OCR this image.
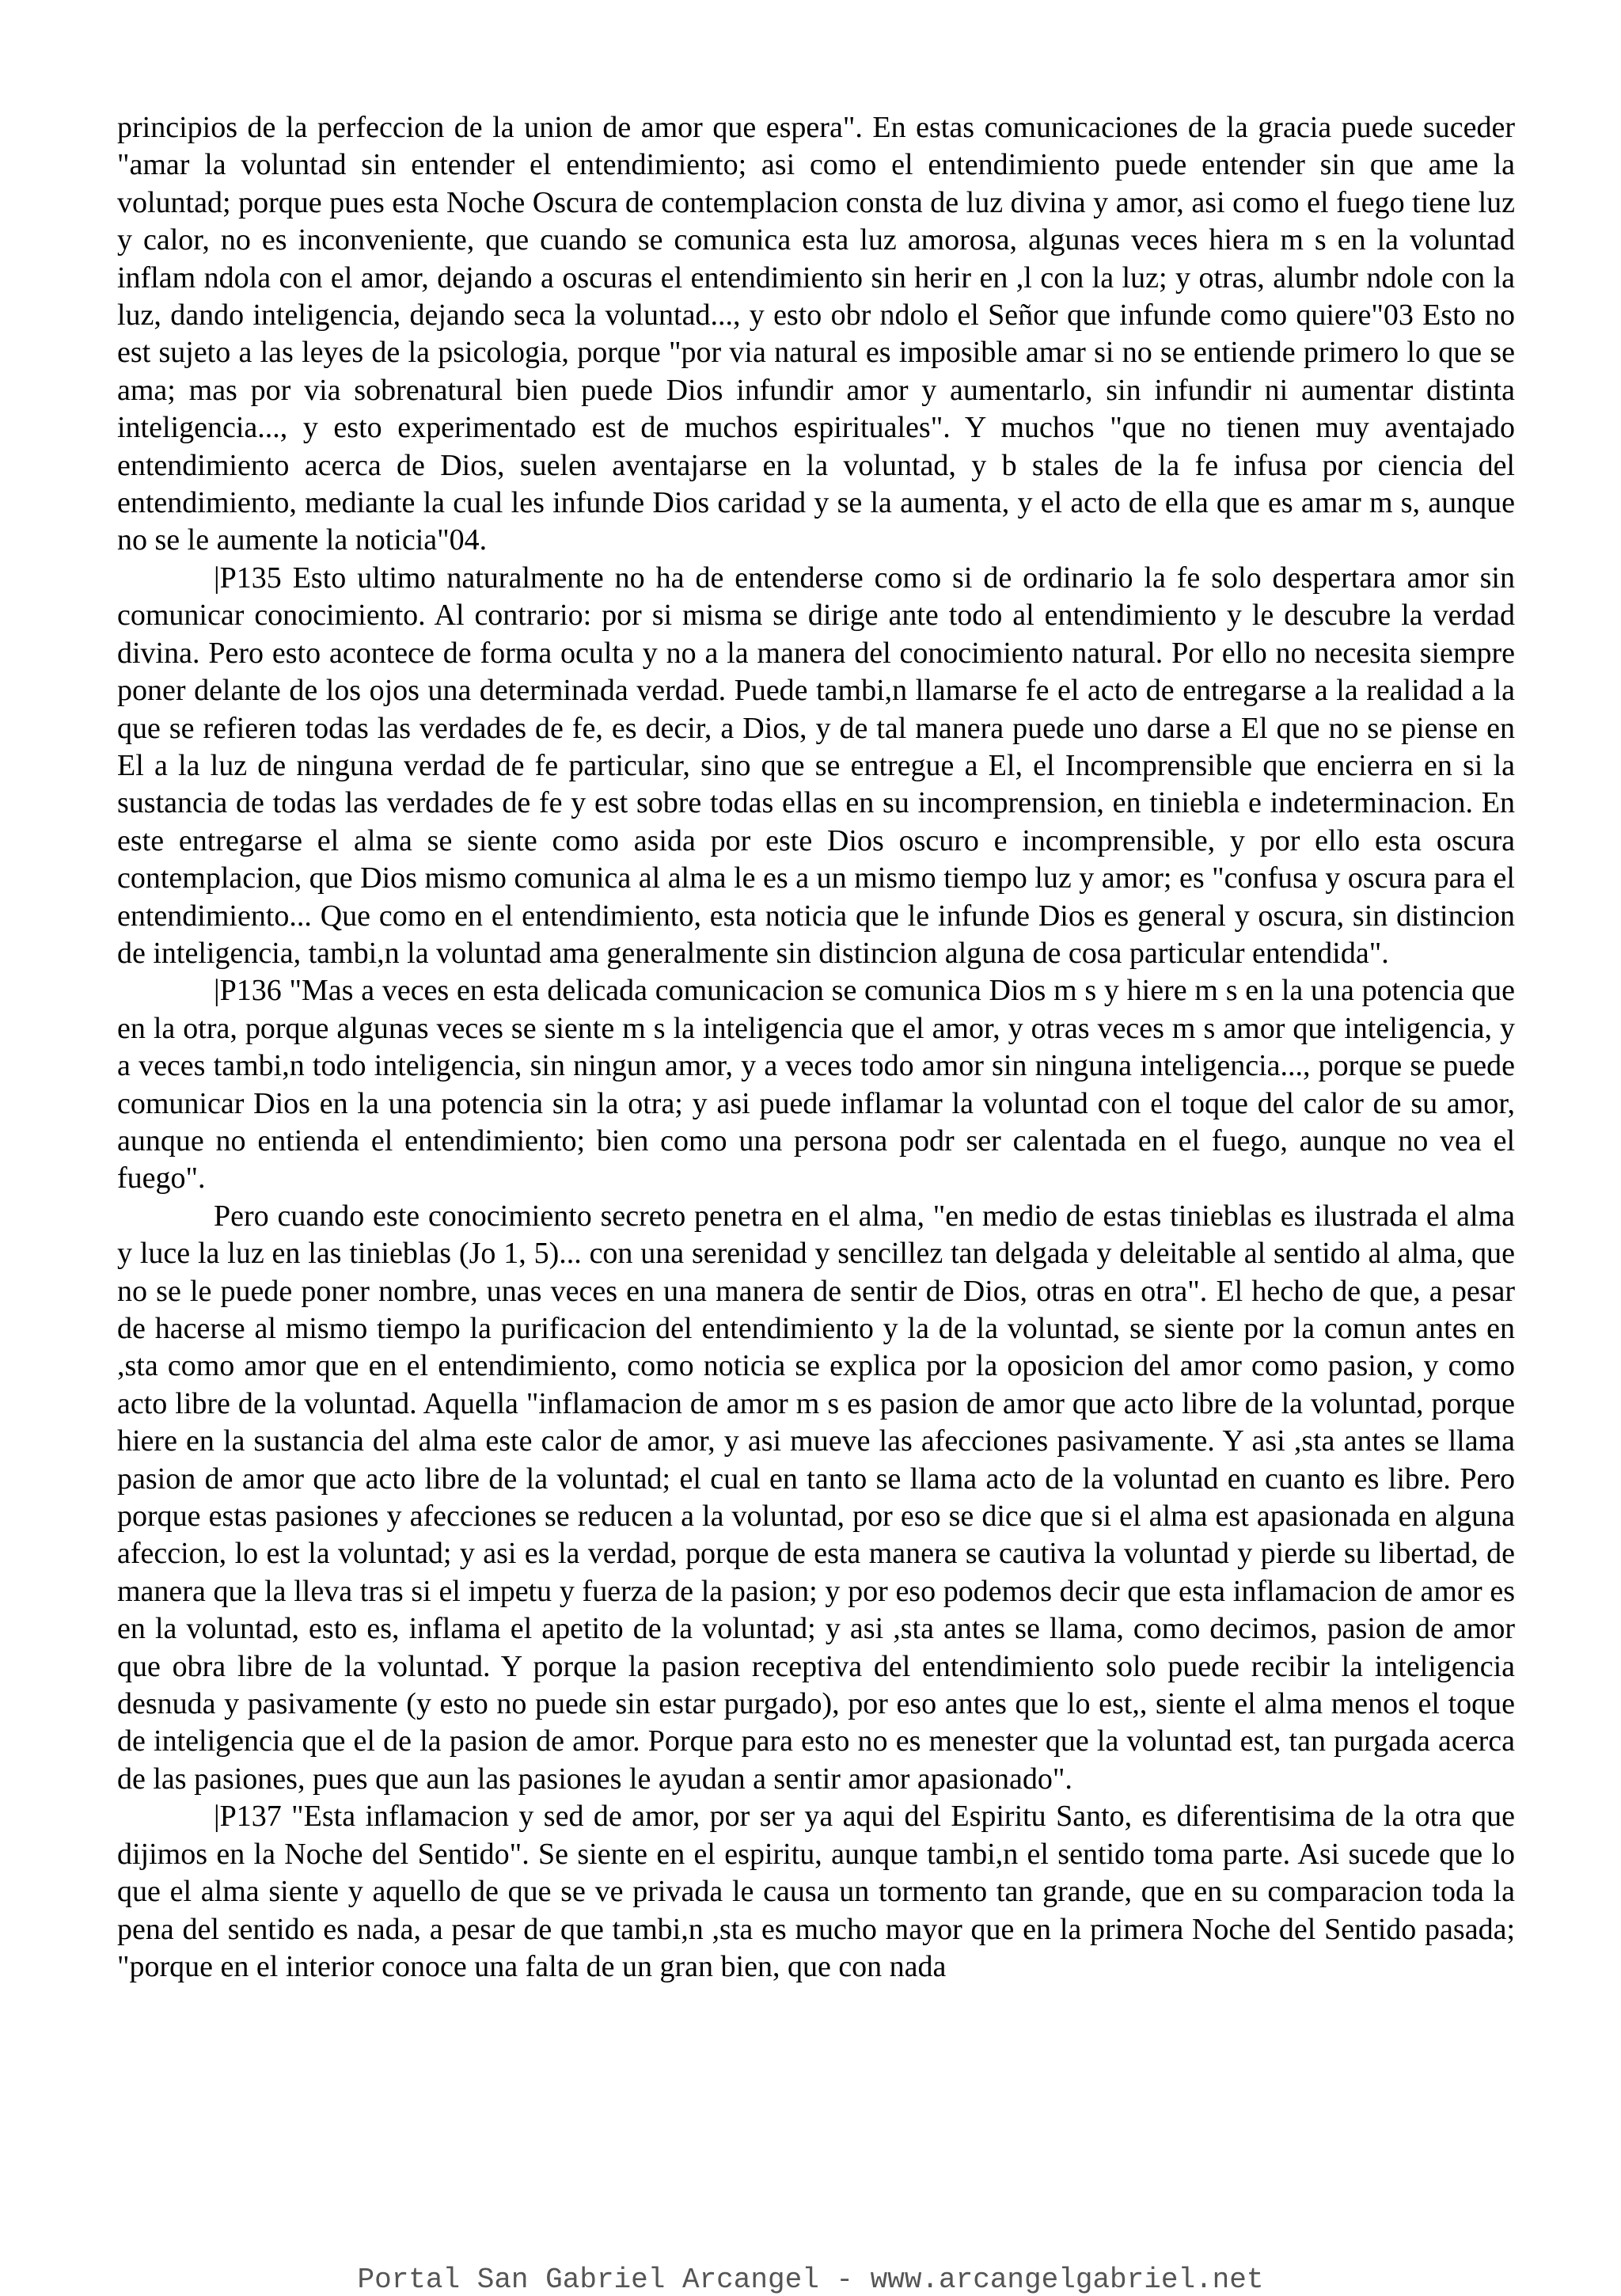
principios de la perfeccion de la union de amor que espera". En estas comunicaciones de la gracia puede suceder "amar la voluntad sin entender el entendimiento; asi como el entendimiento puede entender sin que ame la voluntad; porque pues esta Noche Oscura de contemplacion consta de luz divina y amor, asi como el fuego tiene luz y calor, no es inconveniente, que cuando se comunica esta luz amorosa, algunas veces hiera m s en la voluntad inflam ndola con el amor, dejando a oscuras el entendimiento sin herir en ,l con la luz; y otras, alumbr ndole con la luz, dando inteligencia, dejando seca la voluntad..., y esto obr ndolo el Señor que infunde como quiere"03 Esto no est sujeto a las leyes de la psicologia, porque "por via natural es imposible amar si no se entiende primero lo que se ama; mas por via sobrenatural bien puede Dios infundir amor y aumentarlo, sin infundir ni aumentar distinta inteligencia..., y esto experimentado est de muchos espirituales". Y muchos "que no tienen muy aventajado entendimiento acerca de Dios, suelen aventajarse en la voluntad, y b stales de la fe infusa por ciencia del entendimiento, mediante la cual les infunde Dios caridad y se la aumenta, y el acto de ella que es amar m s, aunque no se le aumente la noticia"04.

|P135 Esto ultimo naturalmente no ha de entenderse como si de ordinario la fe solo despertara amor sin comunicar conocimiento. Al contrario: por si misma se dirige ante todo al entendimiento y le descubre la verdad divina. Pero esto acontece de forma oculta y no a la manera del conocimiento natural. Por ello no necesita siempre poner delante de los ojos una determinada verdad. Puede tambi,n llamarse fe el acto de entregarse a la realidad a la que se refieren todas las verdades de fe, es decir, a Dios, y de tal manera puede uno darse a El que no se piense en El a la luz de ninguna verdad de fe particular, sino que se entregue a El, el Incomprensible que encierra en si la sustancia de todas las verdades de fe y est sobre todas ellas en su incomprension, en tiniebla e indeterminacion. En este entregarse el alma se siente como asida por este Dios oscuro e incomprensible, y por ello esta oscura contemplacion, que Dios mismo comunica al alma le es a un mismo tiempo luz y amor; es "confusa y oscura para el entendimiento... Que como en el entendimiento, esta noticia que le infunde Dios es general y oscura, sin distincion de inteligencia, tambi,n la voluntad ama generalmente sin distincion alguna de cosa particular entendida".

|P136 "Mas a veces en esta delicada comunicacion se comunica Dios m s y hiere m s en la una potencia que en la otra, porque algunas veces se siente m s la inteligencia que el amor, y otras veces m s amor que inteligencia, y a veces tambi,n todo inteligencia, sin ningun amor, y a veces todo amor sin ninguna inteligencia..., porque se puede comunicar Dios en la una potencia sin la otra; y asi puede inflamar la voluntad con el toque del calor de su amor, aunque no entienda el entendimiento; bien como una persona podr ser calentada en el fuego, aunque no vea el fuego".

Pero cuando este conocimiento secreto penetra en el alma, "en medio de estas tinieblas es ilustrada el alma y luce la luz en las tinieblas (Jo 1, 5)... con una serenidad y sencillez tan delgada y deleitable al sentido al alma, que no se le puede poner nombre, unas veces en una manera de sentir de Dios, otras en otra". El hecho de que, a pesar de hacerse al mismo tiempo la purificacion del entendimiento y la de la voluntad, se siente por la comun antes en ,sta como amor que en el entendimiento, como noticia se explica por la oposicion del amor como pasion, y como acto libre de la voluntad. Aquella "inflamacion de amor m s es pasion de amor que acto libre de la voluntad, porque hiere en la sustancia del alma este calor de amor, y asi mueve las afecciones pasivamente. Y asi ,sta antes se llama pasion de amor que acto libre de la voluntad; el cual en tanto se llama acto de la voluntad en cuanto es libre. Pero porque estas pasiones y afecciones se reducen a la voluntad, por eso se dice que si el alma est apasionada en alguna afeccion, lo est la voluntad; y asi es la verdad, porque de esta manera se cautiva la voluntad y pierde su libertad, de manera que la lleva tras si el impetu y fuerza de la pasion; y por eso podemos decir que esta inflamacion de amor es en la voluntad, esto es, inflama el apetito de la voluntad; y asi ,sta antes se llama, como decimos, pasion de amor que obra libre de la voluntad. Y porque la pasion receptiva del entendimiento solo puede recibir la inteligencia desnuda y pasivamente (y esto no puede sin estar purgado), por eso antes que lo est,, siente el alma menos el toque de inteligencia que el de la pasion de amor. Porque para esto no es menester que la voluntad est, tan purgada acerca de las pasiones, pues que aun las pasiones le ayudan a sentir amor apasionado".

|P137 "Esta inflamacion y sed de amor, por ser ya aqui del Espiritu Santo, es diferentisima de la otra que dijimos en la Noche del Sentido". Se siente en el espiritu, aunque tambi,n el sentido toma parte. Asi sucede que lo que el alma siente y aquello de que se ve privada le causa un tormento tan grande, que en su comparacion toda la pena del sentido es nada, a pesar de que tambi,n ,sta es mucho mayor que en la primera Noche del Sentido pasada; "porque en el interior conoce una falta de un gran bien, que con nada

Portal San Gabriel Arcangel - www.arcangelgabriel.net
